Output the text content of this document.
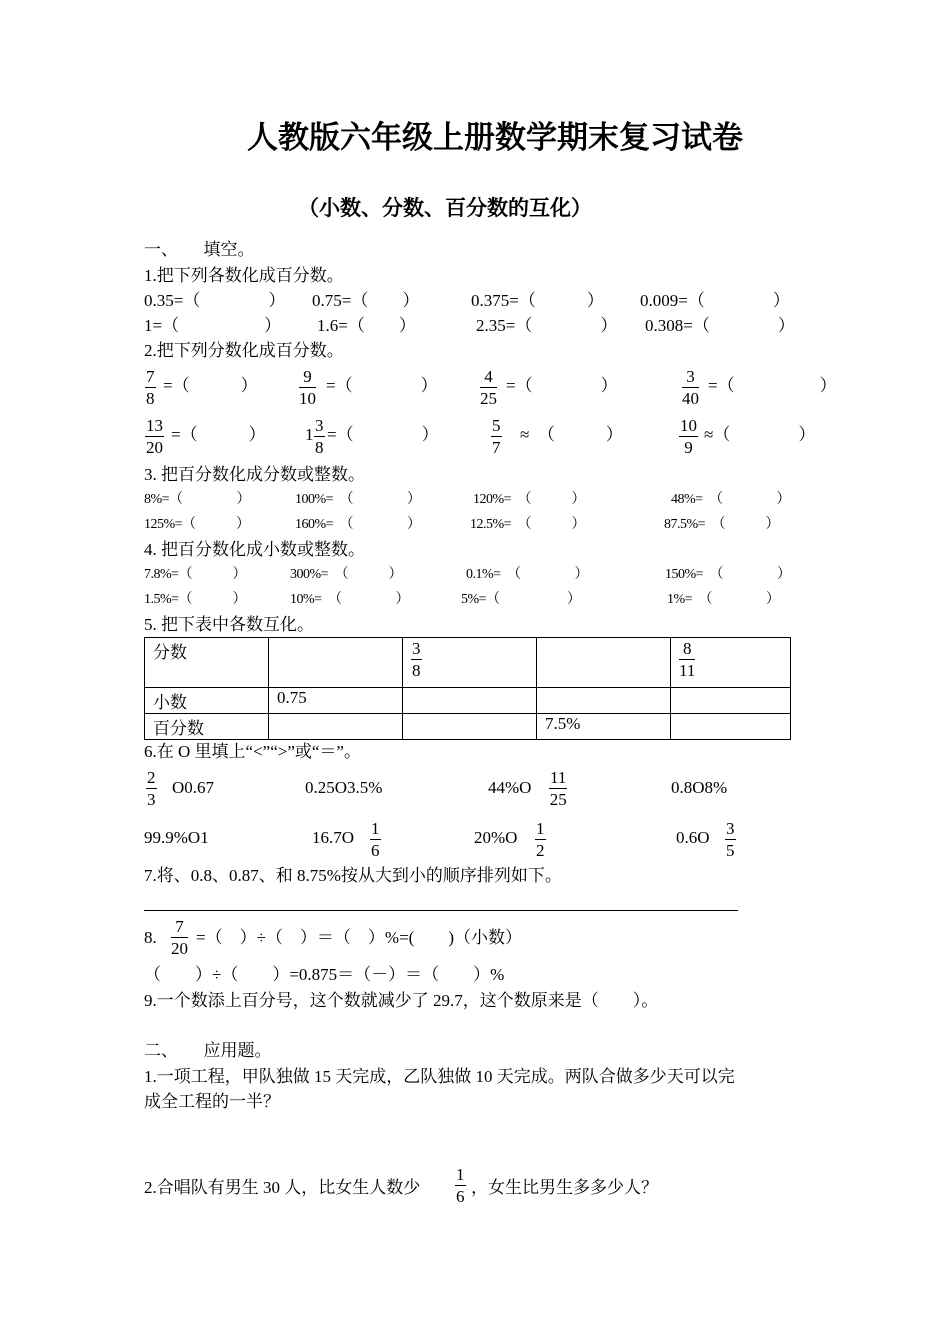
人教版六年级上册数学期末复习试卷
（小数、分数、百分数的互化）
一、　　填空。
1.把下列各数化成百分数。
0.35=（　　　　） 0.75=（　　）	0.375=（　　　） 0.009=（　　　　）
1=（　　　　　） 1.6=（　　）	2.35=（　　　　） 0.308=（　　　　）
2.把下列分数化成百分数。
$\frac{7}{8}$ =（　　　） $\frac{9}{10}$ =（　　　　） $\frac{4}{25}$ =（　　　　）	$\frac{3}{40}$ =（　　　　　）
$\frac{13}{20}$ =（　　　） $1 \frac{3}{8}$ =（　　　　）	$\frac{5}{7}$ ≈　（　　　）	$\frac{10}{9}$ ≈（　　　　）
3. 把百分数化成分数或整数。
8%=（　　　　）	100%=　（　　　　）	120%=　（　　　）	48%=　（　　　　）
125%=（　　　）	160%=　（　　　　）	12.5%=　（　　　）	87.5%=　（　　　）
4. 把百分数化成小数或整数。
7.8%=（　　　）	300%=　（　　　）	0.1%=　（　　　　）	150%=　（　　　　）
1.5%=（　　　）	10%=　（　　　　）	5%=（　　　　　）	1%=　（　　　　）
5. 把下表中各数互化。
分数		$\frac{3}{8}$		$\frac{8}{11}$

小数	0.75			
百分数			7.5%	
6.在 O 里填上“<”“>”或“＝”。
$\frac{2}{3} O0.67$	0.25O3.5%	$44\%O \frac{11}{25}$	0.8O8%
99.9%O1	$16.7O \frac{1}{6}$	$20\%O \frac{1}{2}$	$0.6O \frac{3}{5}$
7.将、0.8、0.87、和 8.75%按从大到小的顺序排列如下。
8. $\frac{7}{20}$ =（　）÷（　）＝（　）%=(　　)（小数）
（　　）÷（　　）=0.875＝（－）＝（　　）%
9.一个数添上百分号，这个数就减少了 29.7，这个数原来是（　　）。
二、　　应用题。
1.一项工程，甲队独做 15 天完成，乙队独做 10 天完成。两队合做多少天可以完
成全工程的一半？
2.合唱队有男生 30 人，比女生人数少 $\frac{1}{6}$ ，女生比男生多多少人？
